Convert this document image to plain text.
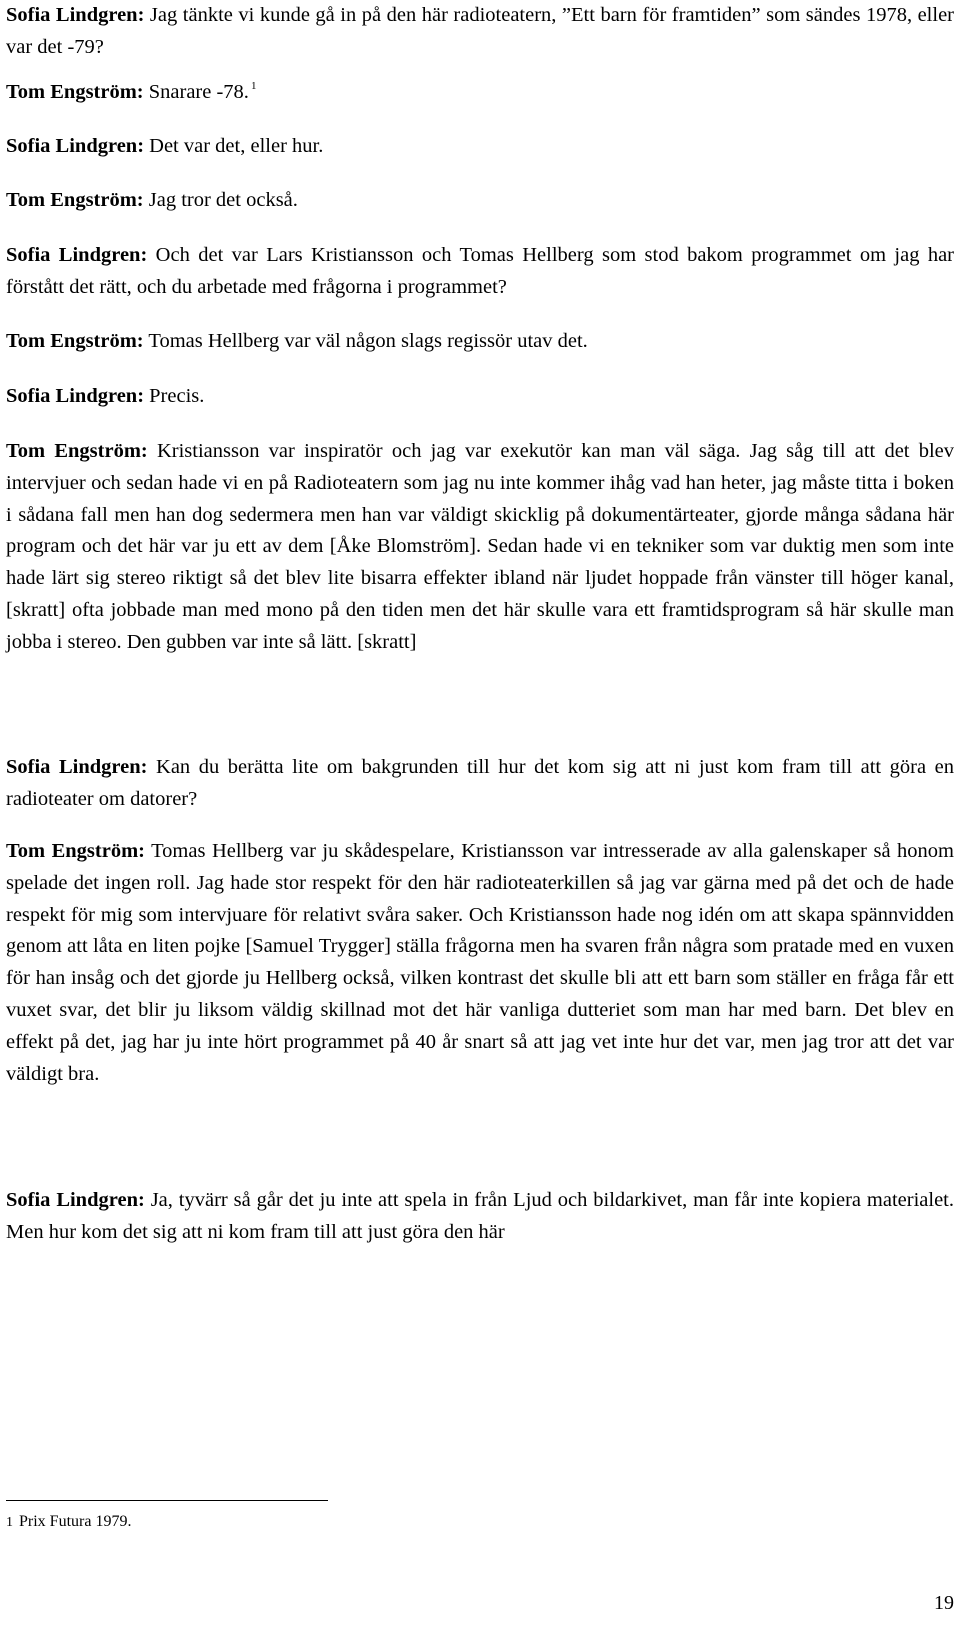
Sofia Lindgren: Jag tänkte vi kunde gå in på den här radioteatern, ”Ett barn för framtiden” som sändes 1978, eller var det -79?

Tom Engström: Snarare -78. $^1$

Sofia Lindgren: Det var det, eller hur.

Tom Engström: Jag tror det också.

Sofia Lindgren: Och det var Lars Kristiansson och Tomas Hellberg som stod bakom programmet om jag har förstått det rätt, och du arbetade med frågorna i programmet?

Tom Engström: Tomas Hellberg var väl någon slags regissör utav det.

Sofia Lindgren: Precis.

Tom Engström: Kristiansson var inspiratör och jag var exekutör kan man väl säga. Jag såg till att det blev intervjuer och sedan hade vi en på Radioteatern som jag nu inte kommer ihåg vad han heter, jag måste titta i boken i sådana fall men han dog sedermera men han var väldigt skicklig på dokumentärteater, gjorde många sådana här program och det här var ju ett av dem [Åke Blomström]. Sedan hade vi en tekniker som var duktig men som inte hade lärt sig stereo riktigt så det blev lite bisarra effekter ibland när ljudet hoppade från vänster till höger kanal, [skratt] ofta jobbade man med mono på den tiden men det här skulle vara ett framtidsprogram så här skulle man jobba i stereo. Den gubben var inte så lätt. [skratt]

Sofia Lindgren: Kan du berätta lite om bakgrunden till hur det kom sig att ni just kom fram till att göra en radioteater om datorer?

Tom Engström: Tomas Hellberg var ju skådespelare, Kristiansson var intresserade av alla galenskaper så honom spelade det ingen roll. Jag hade stor respekt för den här radioteaterkillen så jag var gärna med på det och de hade respekt för mig som intervjuare för relativt svåra saker. Och Kristiansson hade nog idén om att skapa spännvidden genom att låta en liten pojke [Samuel Trygger] ställa frågorna men ha svaren från några som pratade med en vuxen för han insåg och det gjorde ju Hellberg också, vilken kontrast det skulle bli att ett barn som ställer en fråga får ett vuxet svar, det blir ju liksom väldig skillnad mot det här vanliga dutteriet som man har med barn. Det blev en effekt på det, jag har ju inte hört programmet på 40 år snart så att jag vet inte hur det var, men jag tror att det var väldigt bra.

Sofia Lindgren: Ja, tyvärr så går det ju inte att spela in från Ljud och bildarkivet, man får inte kopiera materialet. Men hur kom det sig att ni kom fram till att just göra den här

1 Prix Futura 1979.
19
